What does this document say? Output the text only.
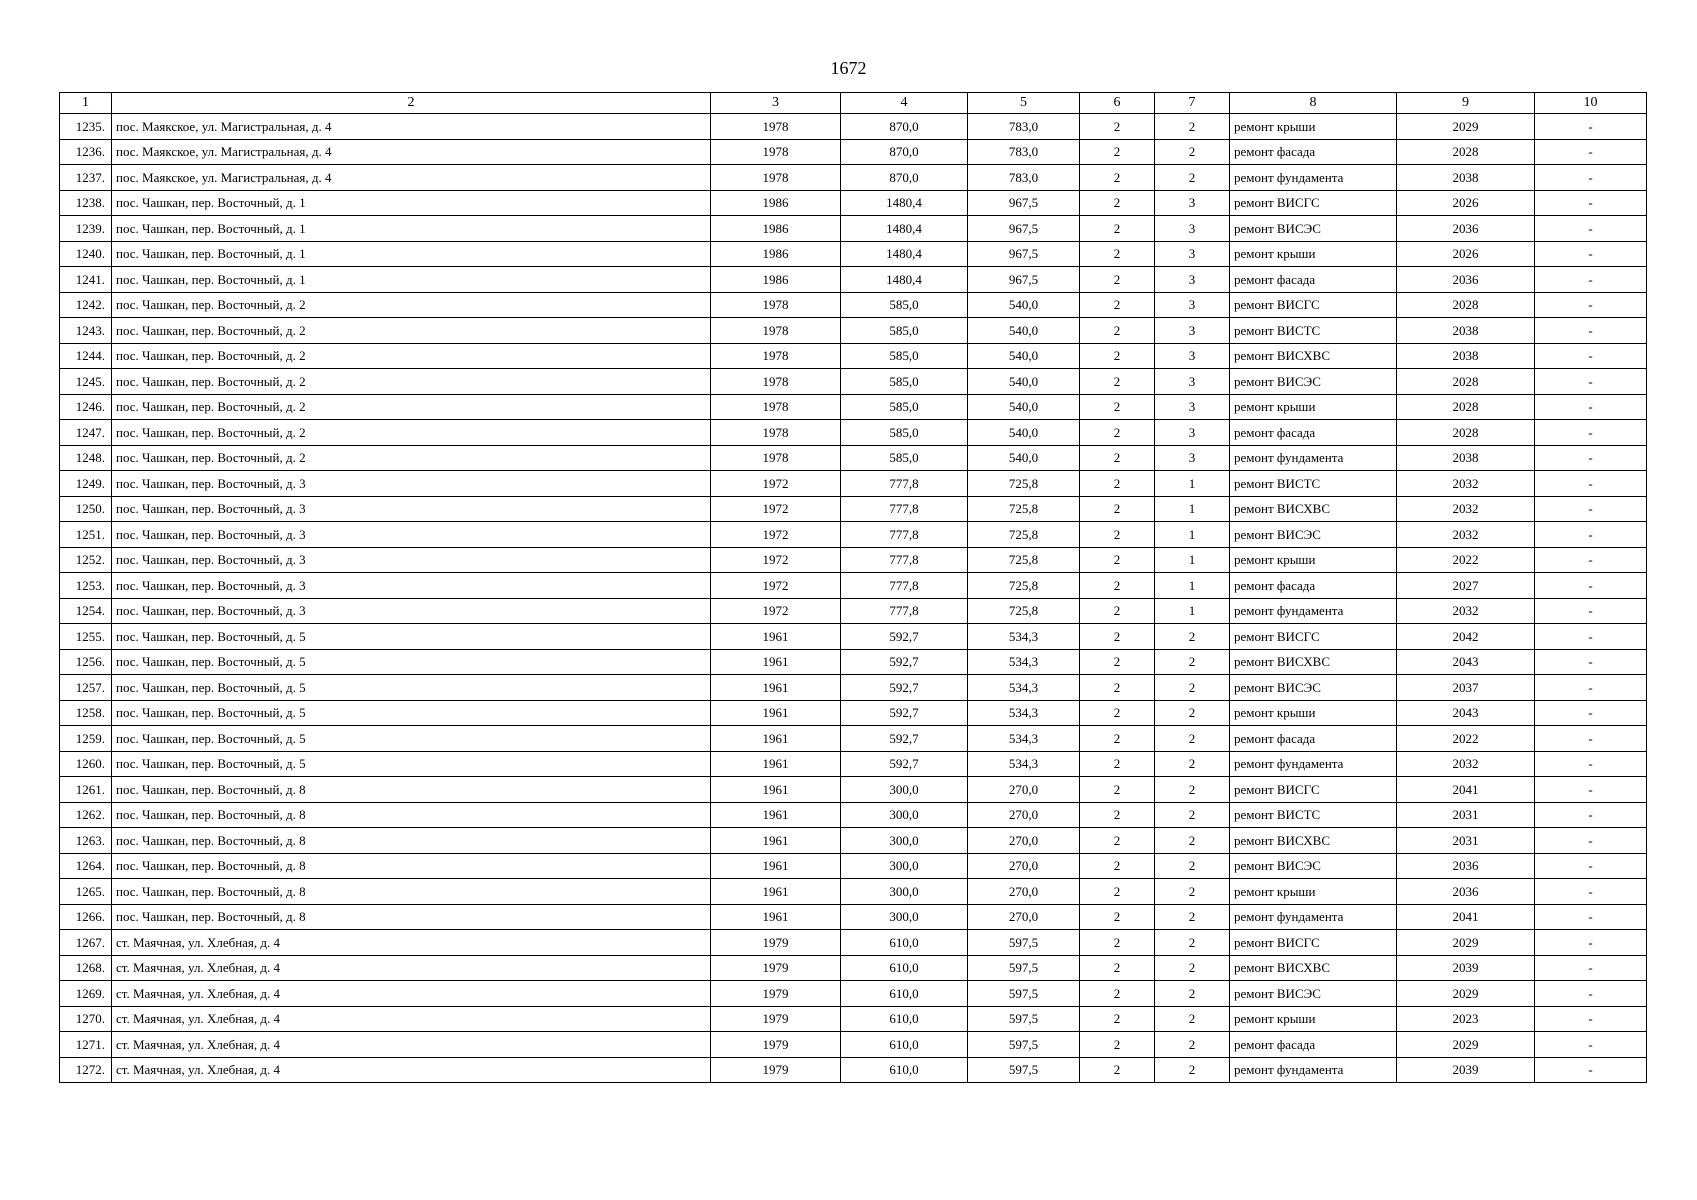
1672
1	2	3	4	5	6	7	8	9	10
1235.	пос. Маякское, ул. Магистральная, д. 4	1978	870,0	783,0	2	2	ремонт крыши	2029	-
1236.	пос. Маякское, ул. Магистральная, д. 4	1978	870,0	783,0	2	2	ремонт фасада	2028	-
1237.	пос. Маякское, ул. Магистральная, д. 4	1978	870,0	783,0	2	2	ремонт фундамента	2038	-
1238.	пос. Чашкан, пер. Восточный, д. 1	1986	1480,4	967,5	2	3	ремонт ВИСГС	2026	-
1239.	пос. Чашкан, пер. Восточный, д. 1	1986	1480,4	967,5	2	3	ремонт ВИСЭС	2036	-
1240.	пос. Чашкан, пер. Восточный, д. 1	1986	1480,4	967,5	2	3	ремонт крыши	2026	-
1241.	пос. Чашкан, пер. Восточный, д. 1	1986	1480,4	967,5	2	3	ремонт фасада	2036	-
1242.	пос. Чашкан, пер. Восточный, д. 2	1978	585,0	540,0	2	3	ремонт ВИСГС	2028	-
1243.	пос. Чашкан, пер. Восточный, д. 2	1978	585,0	540,0	2	3	ремонт ВИСТС	2038	-
1244.	пос. Чашкан, пер. Восточный, д. 2	1978	585,0	540,0	2	3	ремонт ВИСХВС	2038	-
1245.	пос. Чашкан, пер. Восточный, д. 2	1978	585,0	540,0	2	3	ремонт ВИСЭС	2028	-
1246.	пос. Чашкан, пер. Восточный, д. 2	1978	585,0	540,0	2	3	ремонт крыши	2028	-
1247.	пос. Чашкан, пер. Восточный, д. 2	1978	585,0	540,0	2	3	ремонт фасада	2028	-
1248.	пос. Чашкан, пер. Восточный, д. 2	1978	585,0	540,0	2	3	ремонт фундамента	2038	-
1249.	пос. Чашкан, пер. Восточный, д. 3	1972	777,8	725,8	2	1	ремонт ВИСТС	2032	-
1250.	пос. Чашкан, пер. Восточный, д. 3	1972	777,8	725,8	2	1	ремонт ВИСХВС	2032	-
1251.	пос. Чашкан, пер. Восточный, д. 3	1972	777,8	725,8	2	1	ремонт ВИСЭС	2032	-
1252.	пос. Чашкан, пер. Восточный, д. 3	1972	777,8	725,8	2	1	ремонт крыши	2022	-
1253.	пос. Чашкан, пер. Восточный, д. 3	1972	777,8	725,8	2	1	ремонт фасада	2027	-
1254.	пос. Чашкан, пер. Восточный, д. 3	1972	777,8	725,8	2	1	ремонт фундамента	2032	-
1255.	пос. Чашкан, пер. Восточный, д. 5	1961	592,7	534,3	2	2	ремонт ВИСГС	2042	-
1256.	пос. Чашкан, пер. Восточный, д. 5	1961	592,7	534,3	2	2	ремонт ВИСХВС	2043	-
1257.	пос. Чашкан, пер. Восточный, д. 5	1961	592,7	534,3	2	2	ремонт ВИСЭС	2037	-
1258.	пос. Чашкан, пер. Восточный, д. 5	1961	592,7	534,3	2	2	ремонт крыши	2043	-
1259.	пос. Чашкан, пер. Восточный, д. 5	1961	592,7	534,3	2	2	ремонт фасада	2022	-
1260.	пос. Чашкан, пер. Восточный, д. 5	1961	592,7	534,3	2	2	ремонт фундамента	2032	-
1261.	пос. Чашкан, пер. Восточный, д. 8	1961	300,0	270,0	2	2	ремонт ВИСГС	2041	-
1262.	пос. Чашкан, пер. Восточный, д. 8	1961	300,0	270,0	2	2	ремонт ВИСТС	2031	-
1263.	пос. Чашкан, пер. Восточный, д. 8	1961	300,0	270,0	2	2	ремонт ВИСХВС	2031	-
1264.	пос. Чашкан, пер. Восточный, д. 8	1961	300,0	270,0	2	2	ремонт ВИСЭС	2036	-
1265.	пос. Чашкан, пер. Восточный, д. 8	1961	300,0	270,0	2	2	ремонт крыши	2036	-
1266.	пос. Чашкан, пер. Восточный, д. 8	1961	300,0	270,0	2	2	ремонт фундамента	2041	-
1267.	ст. Маячная, ул. Хлебная, д. 4	1979	610,0	597,5	2	2	ремонт ВИСГС	2029	-
1268.	ст. Маячная, ул. Хлебная, д. 4	1979	610,0	597,5	2	2	ремонт ВИСХВС	2039	-
1269.	ст. Маячная, ул. Хлебная, д. 4	1979	610,0	597,5	2	2	ремонт ВИСЭС	2029	-
1270.	ст. Маячная, ул. Хлебная, д. 4	1979	610,0	597,5	2	2	ремонт крыши	2023	-
1271.	ст. Маячная, ул. Хлебная, д. 4	1979	610,0	597,5	2	2	ремонт фасада	2029	-
1272.	ст. Маячная, ул. Хлебная, д. 4	1979	610,0	597,5	2	2	ремонт фундамента	2039	-
